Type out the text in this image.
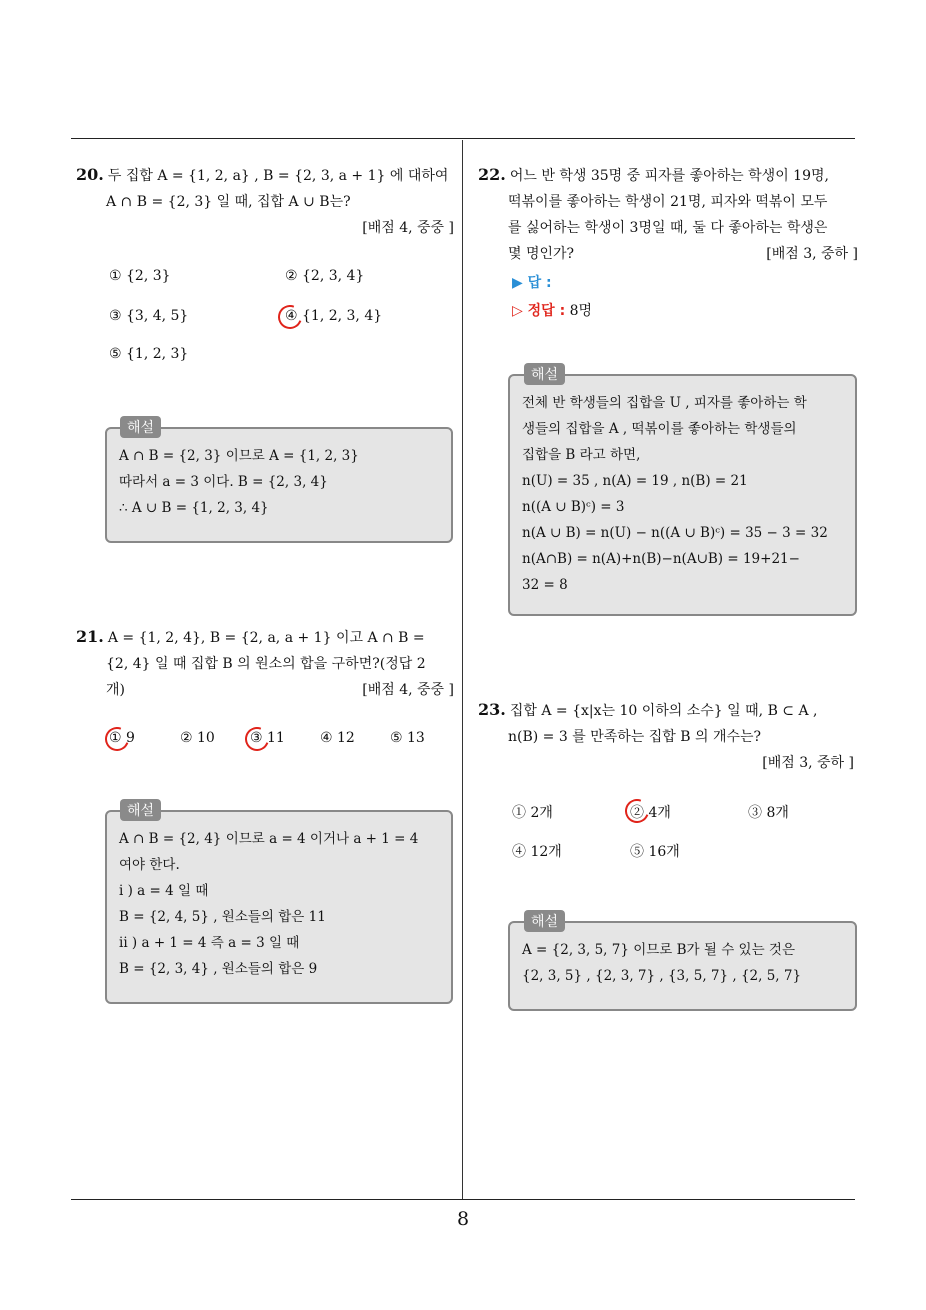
8
20. 두 집합 A = {1, 2, a} , B = {2, 3, a + 1} 에 대하여
A ∩ B = {2, 3} 일 때, 집합 A ∪ B는?
[배점 4, 중중 ]
① {2, 3}	② {2, 3, 4}
③ {3, 4, 5}	④ {1, 2, 3, 4}
⑤ {1, 2, 3}
A ∩ B = {2, 3} 이므로 A = {1, 2, 3}
따라서 a = 3 이다. B = {2, 3, 4}
∴ A ∪ B = {1, 2, 3, 4}
해설
21. A = {1, 2, 4}, B = {2, a, a + 1} 이고 A ∩ B =
{2, 4} 일 때 집합 B 의 원소의 합을 구하면?(정답 2
개)	[배점 4, 중중 ]
① 9	② 10	③ 11	④ 12	⑤ 13
A ∩ B = {2, 4} 이므로 a = 4 이거나 a + 1 = 4
여야 한다.
i ) a = 4 일 때
B = {2, 4, 5} , 원소들의 합은 11
ii ) a + 1 = 4 즉 a = 3 일 때
B = {2, 3, 4} , 원소들의 합은 9
해설
22. 어느 반 학생 35명 중 피자를 좋아하는 학생이 19명,
떡볶이를 좋아하는 학생이 21명, 피자와 떡볶이 모두
를 싫어하는 학생이 3명일 때, 둘 다 좋아하는 학생은
몇 명인가?	[배점 3, 중하 ]
▶ 답 :
▷ 정답 : 8명
전체 반 학생들의 집합을 U , 피자를 좋아하는 학
생들의 집합을 A , 떡볶이를 좋아하는 학생들의
집합을 B 라고 하면,
n(U) = 35 , n(A) = 19 , n(B) = 21
n((A ∪ B)ᶜ) = 3
n(A ∪ B) = n(U) − n((A ∪ B)ᶜ) = 35 − 3 = 32
n(A∩B) = n(A)+n(B)−n(A∪B) = 19+21−
32 = 8
해설
23. 집합 A = {x|x는 10 이하의 소수} 일 때, B ⊂ A ,
n(B) = 3 를 만족하는 집합 B 의 개수는?
[배점 3, 중하 ]
① 2개	② 4개	③ 8개
④ 12개	⑤ 16개
A = {2, 3, 5, 7} 이므로 B가 될 수 있는 것은
{2, 3, 5} , {2, 3, 7} , {3, 5, 7} , {2, 5, 7}
해설
